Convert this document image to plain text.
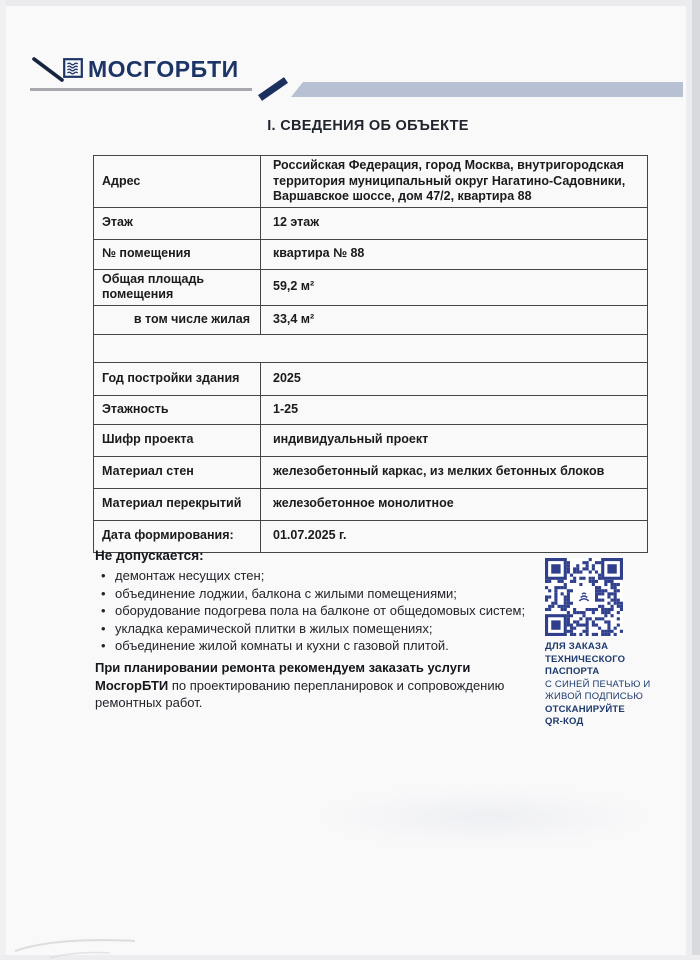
МОСГОРБТИ
I. СВЕДЕНИЯ ОБ ОБЪЕКТЕ
Адрес	Российская Федерация, город Москва, внутригородская территория муниципальный округ Нагатино-Садовники, Варшавское шоссе, дом 47/2, квартира 88
Этаж	12 этаж
№ помещения	квартира № 88
Общая площадь помещения	59,2 м²
в том числе жилая	33,4 м²

Год постройки здания	2025
Этажность	1-25
Шифр проекта	индивидуальный проект
Материал стен	железобетонный каркас, из мелких бетонных блоков
Материал перекрытий	железобетонное монолитное
Дата формирования:	01.07.2025 г.
Не допускается:
• демонтаж несущих стен;
• объединение лоджии, балкона с жилыми помещениями;
• оборудование подогрева пола на балконе от общедомовых систем;
• укладка керамической плитки в жилых помещениях;
• объединение жилой комнаты и кухни с газовой плитой.
При планировании ремонта рекомендуем заказать услуги МосгорБТИ по проектированию перепланировок и сопровождению ремонтных работ.
ДЛЯ ЗАКАЗА
ТЕХНИЧЕСКОГО
ПАСПОРТА
С СИНЕЙ ПЕЧАТЬЮ И
ЖИВОЙ ПОДПИСЬЮ
ОТСКАНИРУЙТЕ
QR-КОД
